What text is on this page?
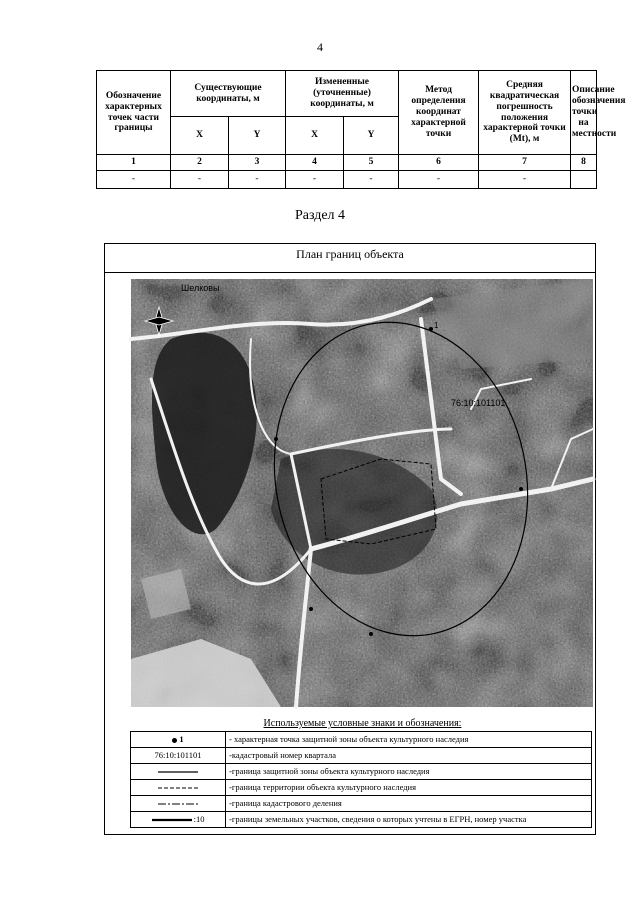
4
Обозначение характерных точек части границы	Существующие координаты, м		Измененные (уточненные) координаты, м		Метод определения координат характерной точки	Средняя квадратическая погрешность положения характерной точки (Mt), м	Описание обозначения точки на местности
	X	Y	X	Y			
1	2	3	4	5	6	7	8
-	-	-	-	-	-	-	
Раздел 4
План границ объекта
Шелковы
76:10:101101
1
Используемые условные знаки и обозначения:
1	- характерная точка защитной зоны объекта культурного наследия
76:10:101101	-кадастровый номер квартала
	-граница защитной зоны объекта культурного наследия
	-граница территории объекта культурного наследия
	-граница кадастрового деления
:10	-границы земельных участков, сведения о которых учтены в ЕГРН, номер участка
